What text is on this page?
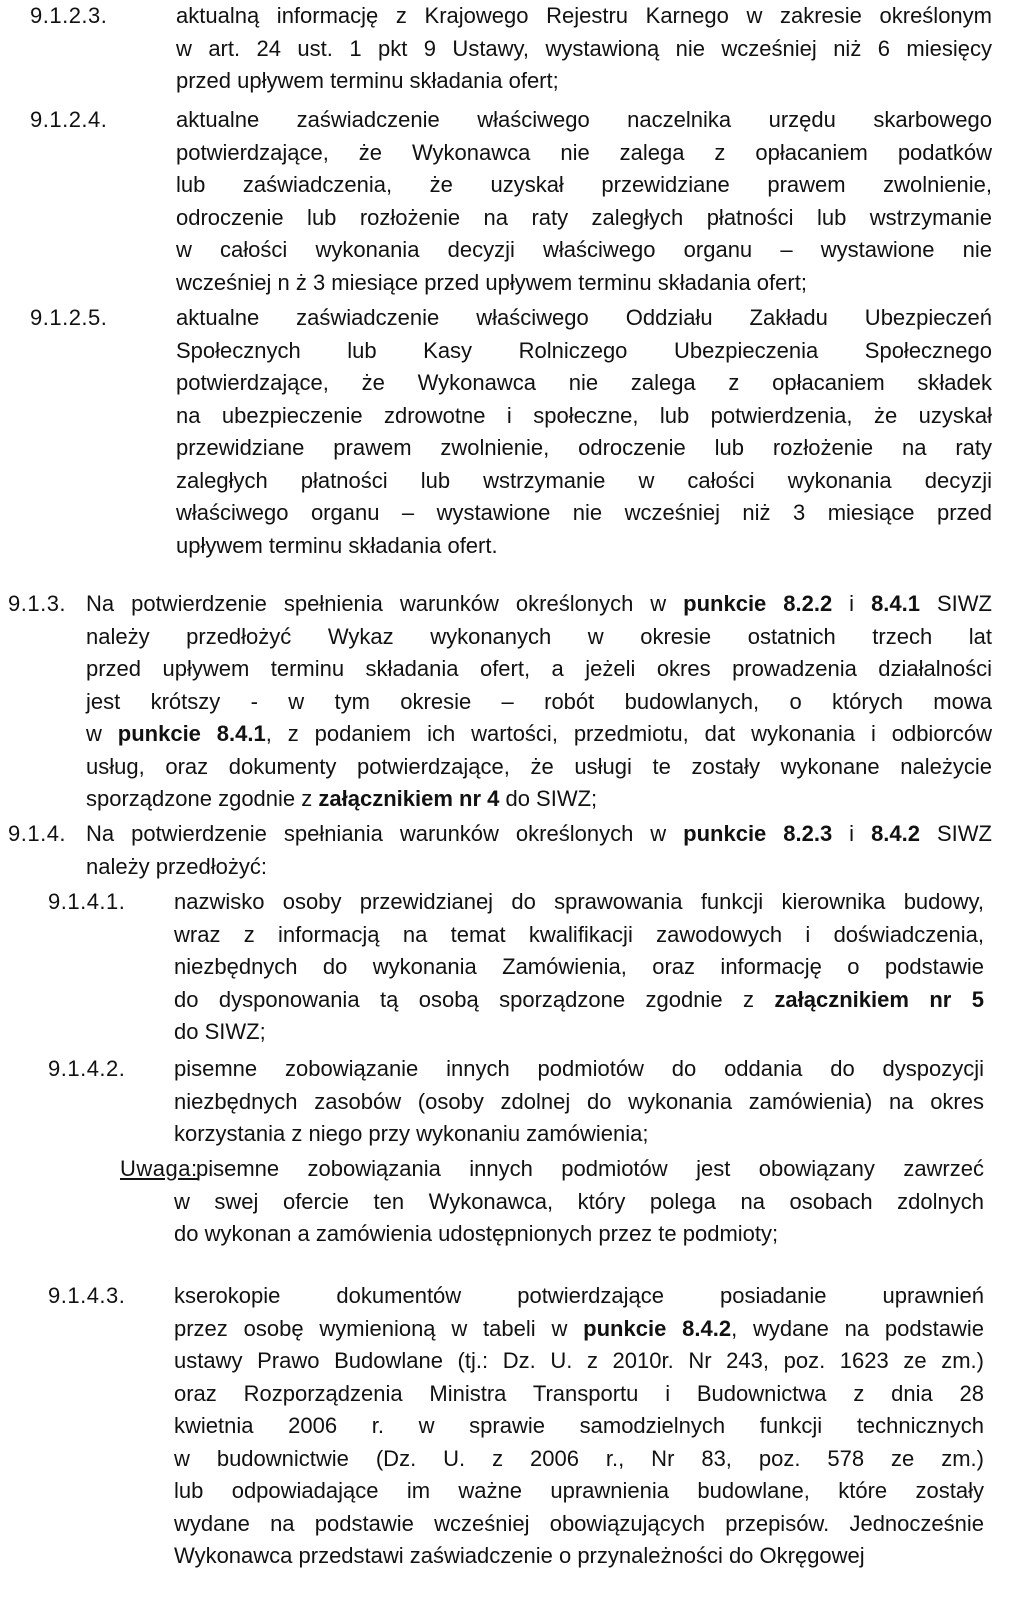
9.1.2.3.	aktualną informację z Krajowego Rejestru Karnego w zakresie określonym
w art. 24 ust. 1 pkt 9 Ustawy, wystawioną nie wcześniej niż 6 miesięcy
przed upływem terminu składania ofert;
9.1.2.4.	aktualne zaświadczenie właściwego naczelnika urzędu skarbowego
potwierdzające, że Wykonawca nie zalega z opłacaniem podatków
lub zaświadczenia, że uzyskał przewidziane prawem zwolnienie,
odroczenie lub rozłożenie na raty zaległych płatności lub wstrzymanie
w całości wykonania decyzji właściwego organu – wystawione nie
wcześniej n ż 3 miesiące przed upływem terminu składania ofert;
9.1.2.5.	aktualne zaświadczenie właściwego Oddziału Zakładu Ubezpieczeń
Społecznych lub Kasy Rolniczego Ubezpieczenia Społecznego
potwierdzające, że Wykonawca nie zalega z opłacaniem składek
na ubezpieczenie zdrowotne i społeczne, lub potwierdzenia, że uzyskał
przewidziane prawem zwolnienie, odroczenie lub rozłożenie na raty
zaległych płatności lub wstrzymanie w całości wykonania decyzji
właściwego organu – wystawione nie wcześniej niż 3 miesiące przed
upływem terminu składania ofert.
9.1.3. Na potwierdzenie spełnienia warunków określonych w punkcie 8.2.2 i 8.4.1 SIWZ
należy przedłożyć Wykaz wykonanych w okresie ostatnich trzech lat
przed upływem terminu składania ofert, a jeżeli okres prowadzenia działalności
jest krótszy - w tym okresie – robót budowlanych, o których mowa
w punkcie 8.4.1, z podaniem ich wartości, przedmiotu, dat wykonania i odbiorców
usług, oraz dokumenty potwierdzające, że usługi te zostały wykonane należycie
sporządzone zgodnie z załącznikiem nr 4 do SIWZ;
9.1.4. Na potwierdzenie spełniania warunków określonych w punkcie 8.2.3 i 8.4.2 SIWZ
należy przedłożyć:
9.1.4.1. nazwisko osoby przewidzianej do sprawowania funkcji kierownika budowy,
wraz z informacją na temat kwalifikacji zawodowych i doświadczenia,
niezbędnych do wykonania Zamówienia, oraz informację o podstawie
do dysponowania tą osobą sporządzone zgodnie z załącznikiem nr 5
do SIWZ;
9.1.4.2. pisemne zobowiązanie innych podmiotów do oddania do dyspozycji
niezbędnych zasobów (osoby zdolnej do wykonania zamówienia) na okres
korzystania z niego przy wykonaniu zamówienia;
Uwaga:
pisemne zobowiązania innych podmiotów jest obowiązany zawrzeć
w swej ofercie ten Wykonawca, który polega na osobach zdolnych
do wykonan a zamówienia udostępnionych przez te podmioty;
9.1.4.3. kserokopie dokumentów potwierdzające posiadanie uprawnień
przez osobę wymienioną w tabeli w punkcie 8.4.2, wydane na podstawie
ustawy Prawo Budowlane (tj.: Dz. U. z 2010r. Nr 243, poz. 1623 ze zm.)
oraz Rozporządzenia Ministra Transportu i Budownictwa z dnia 28
kwietnia 2006 r. w sprawie samodzielnych funkcji technicznych
w budownictwie (Dz. U. z 2006 r., Nr 83, poz. 578 ze zm.)
lub odpowiadające im ważne uprawnienia budowlane, które zostały
wydane na podstawie wcześniej obowiązujących przepisów. Jednocześnie
Wykonawca przedstawi zaświadczenie o przynależności do Okręgowej
